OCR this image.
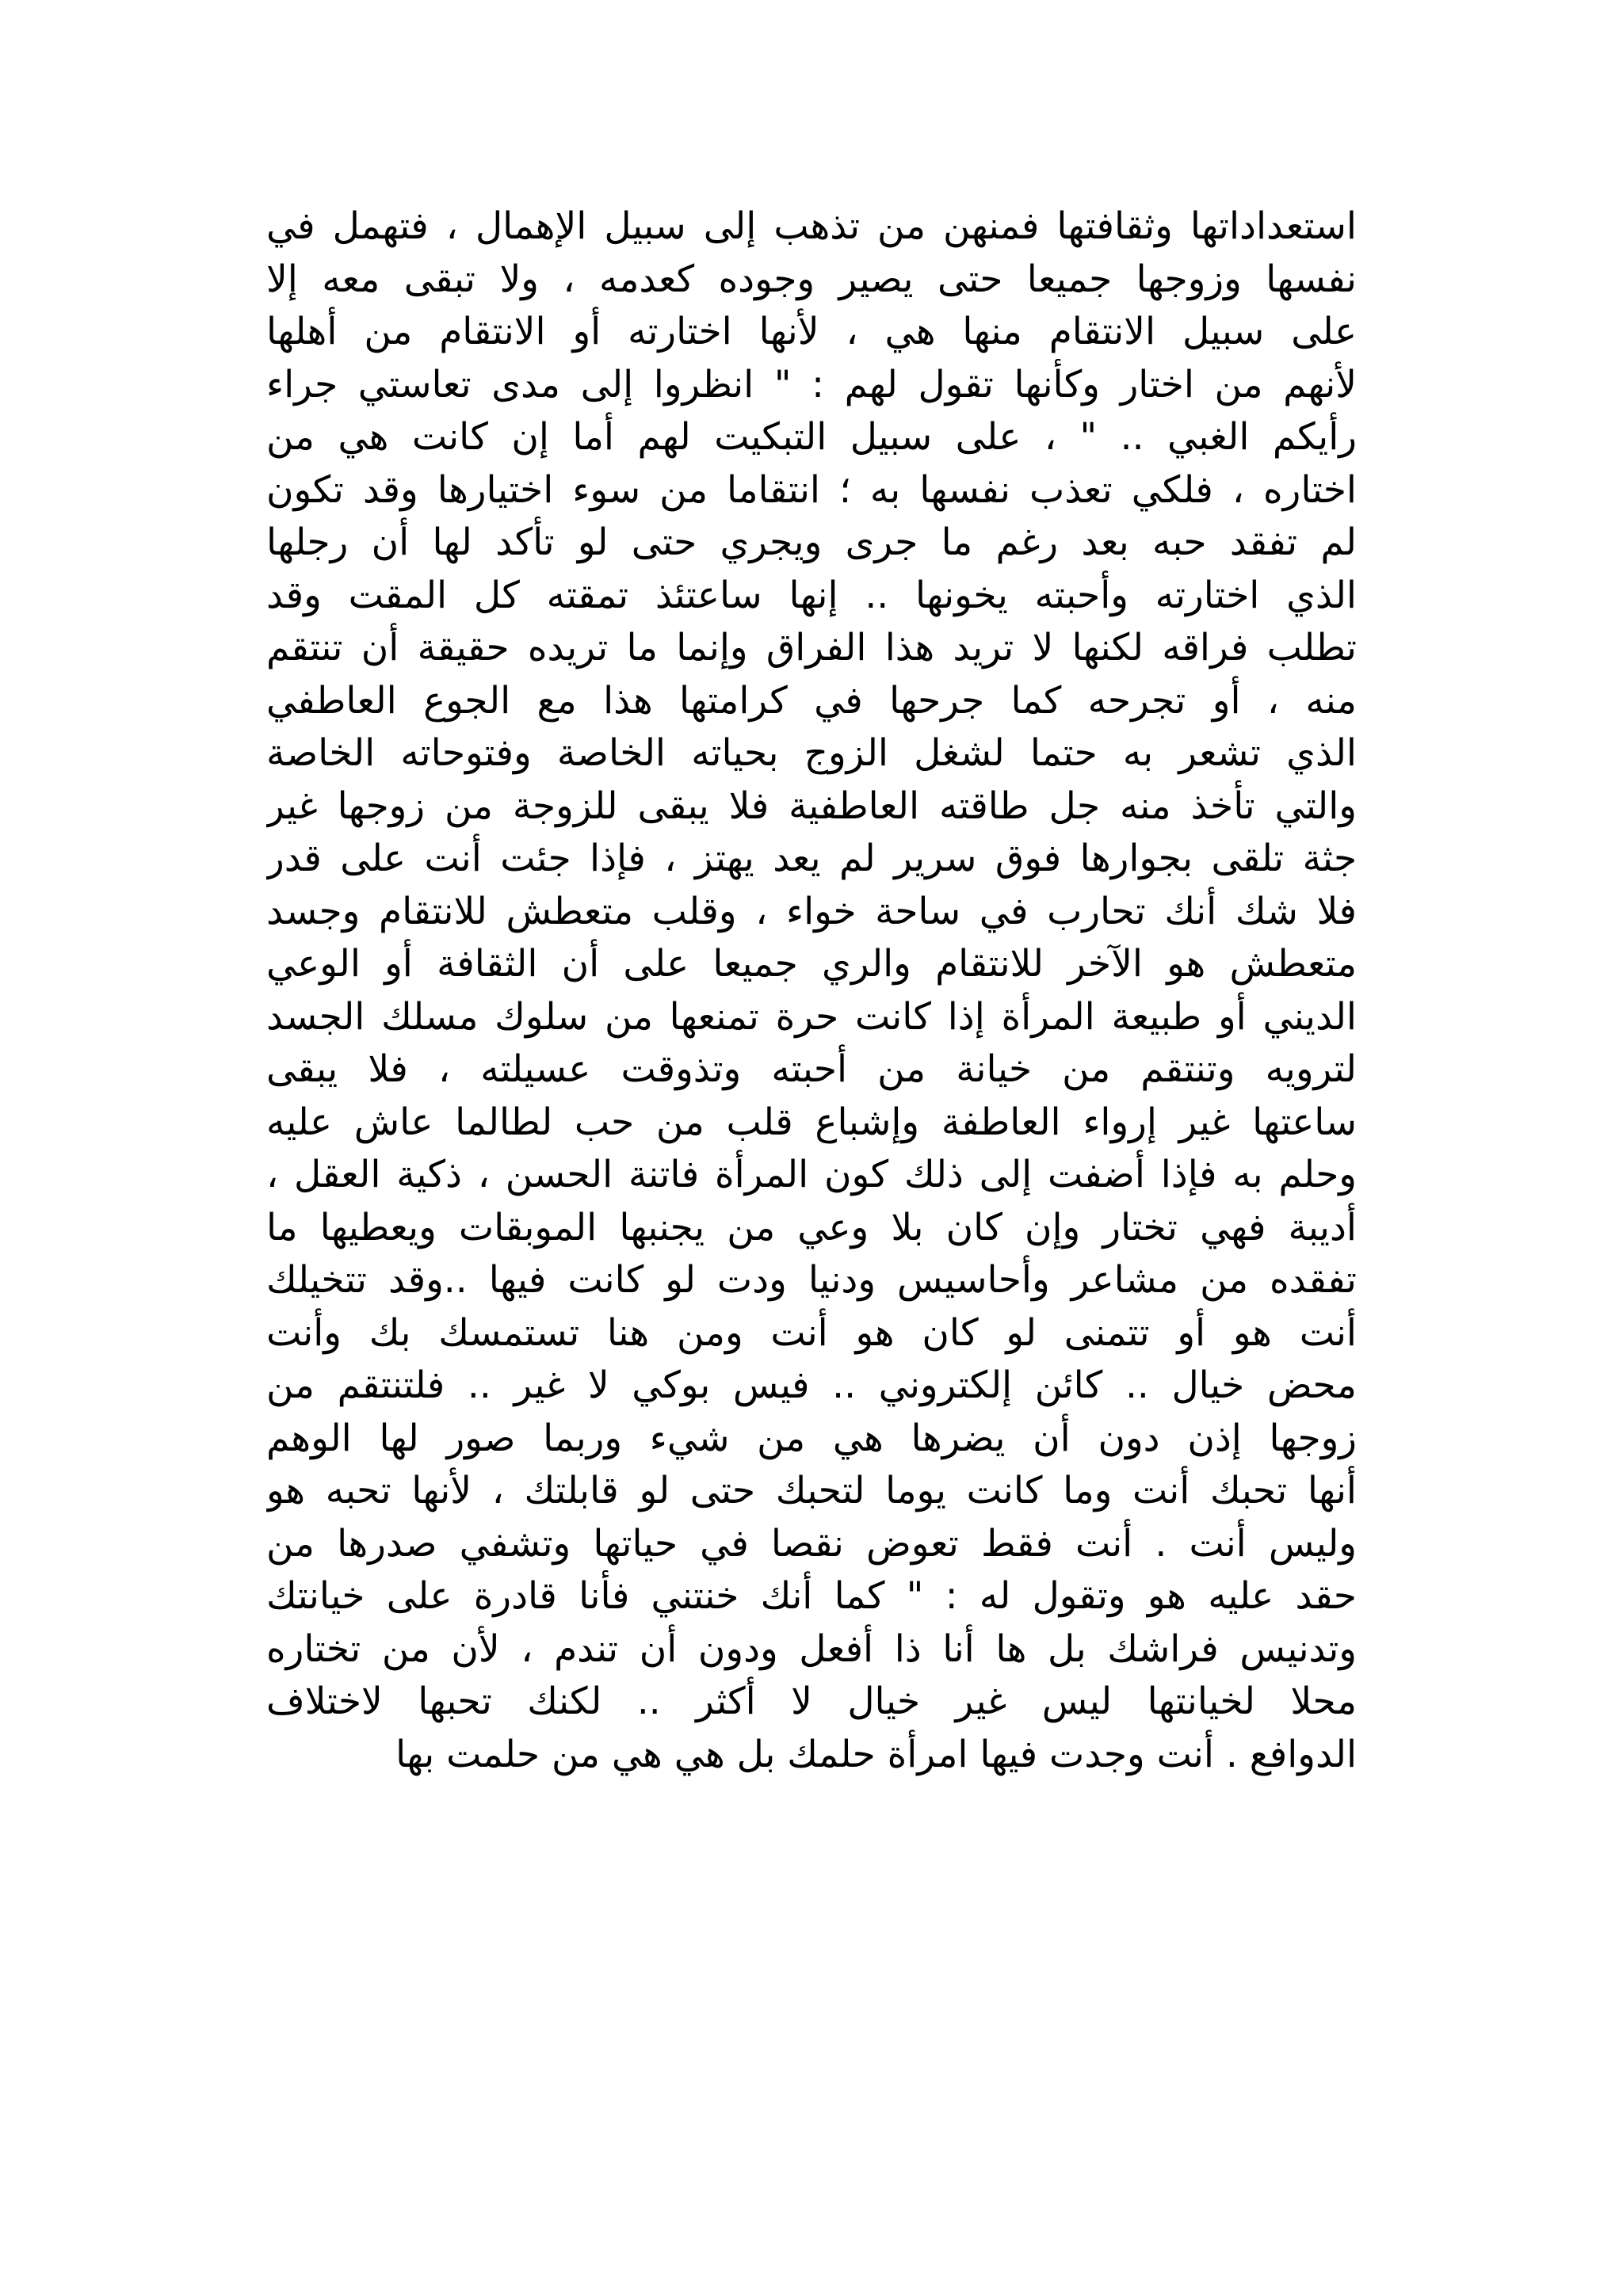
استعداداتها وثقافتها فمنهن من تذهب إلى سبيل الإهمال ، فتهمل في
نفسها وزوجها جميعا حتى يصير وجوده كعدمه ، ولا تبقى معه إلا
على سبيل الانتقام منها هي ، لأنها اختارته أو الانتقام من أهلها
لأنهم من اختار وكأنها تقول لهم : " انظروا إلى مدى تعاستي جراء
رأيكم الغبي .. " ، على سبيل التبكيت لهم أما إن كانت هي من
اختاره ، فلكي تعذب نفسها به ؛ انتقاما من سوء اختيارها وقد تكون
لم تفقد حبه بعد رغم ما جرى ويجري حتى لو تأكد لها أن رجلها
الذي اختارته وأحبته يخونها .. إنها ساعتئذ تمقته كل المقت وقد
تطلب فراقه لكنها لا تريد هذا الفراق وإنما ما تريده حقيقة أن تنتقم
منه ، أو تجرحه كما جرحها في كرامتها هذا مع الجوع العاطفي
الذي تشعر به حتما لشغل الزوج بحياته الخاصة وفتوحاته الخاصة
والتي تأخذ منه جل طاقته العاطفية فلا يبقى للزوجة من زوجها غير
جثة تلقى بجوارها فوق سرير لم يعد يهتز ، فإذا جئت أنت على قدر
فلا شك أنك تحارب في ساحة خواء ، وقلب متعطش للانتقام وجسد
متعطش هو الآخر للانتقام والري جميعا على أن الثقافة أو الوعي
الديني أو طبيعة المرأة إذا كانت حرة تمنعها من سلوك مسلك الجسد
لترويه وتنتقم من خيانة من أحبته وتذوقت عسيلته ، فلا يبقى
ساعتها غير إرواء العاطفة وإشباع قلب من حب لطالما عاش عليه
وحلم به فإذا أضفت إلى ذلك كون المرأة فاتنة الحسن ، ذكية العقل ،
أديبة فهي تختار وإن كان بلا وعي من يجنبها الموبقات ويعطيها ما
تفقده من مشاعر وأحاسيس ودنيا ودت لو كانت فيها ..وقد تتخيلك
أنت هو أو تتمنى لو كان هو أنت ومن هنا تستمسك بك وأنت
محض خيال .. كائن إلكتروني .. فيس بوكي لا غير .. فلتنتقم من
زوجها إذن دون أن يضرها هي من شيء وربما صور لها الوهم
أنها تحبك أنت وما كانت يوما لتحبك حتى لو قابلتك ، لأنها تحبه هو
وليس أنت . أنت فقط تعوض نقصا في حياتها وتشفي صدرها من
حقد عليه هو وتقول له : " كما أنك خنتني فأنا قادرة على خيانتك
وتدنيس فراشك بل ها أنا ذا أفعل ودون أن تندم ، لأن من تختاره
محلا لخيانتها ليس غير خيال لا أكثر .. لكنك تحبها لاختلاف
الدوافع . أنت وجدت فيها امرأة حلمك بل هي هي من حلمت بها
